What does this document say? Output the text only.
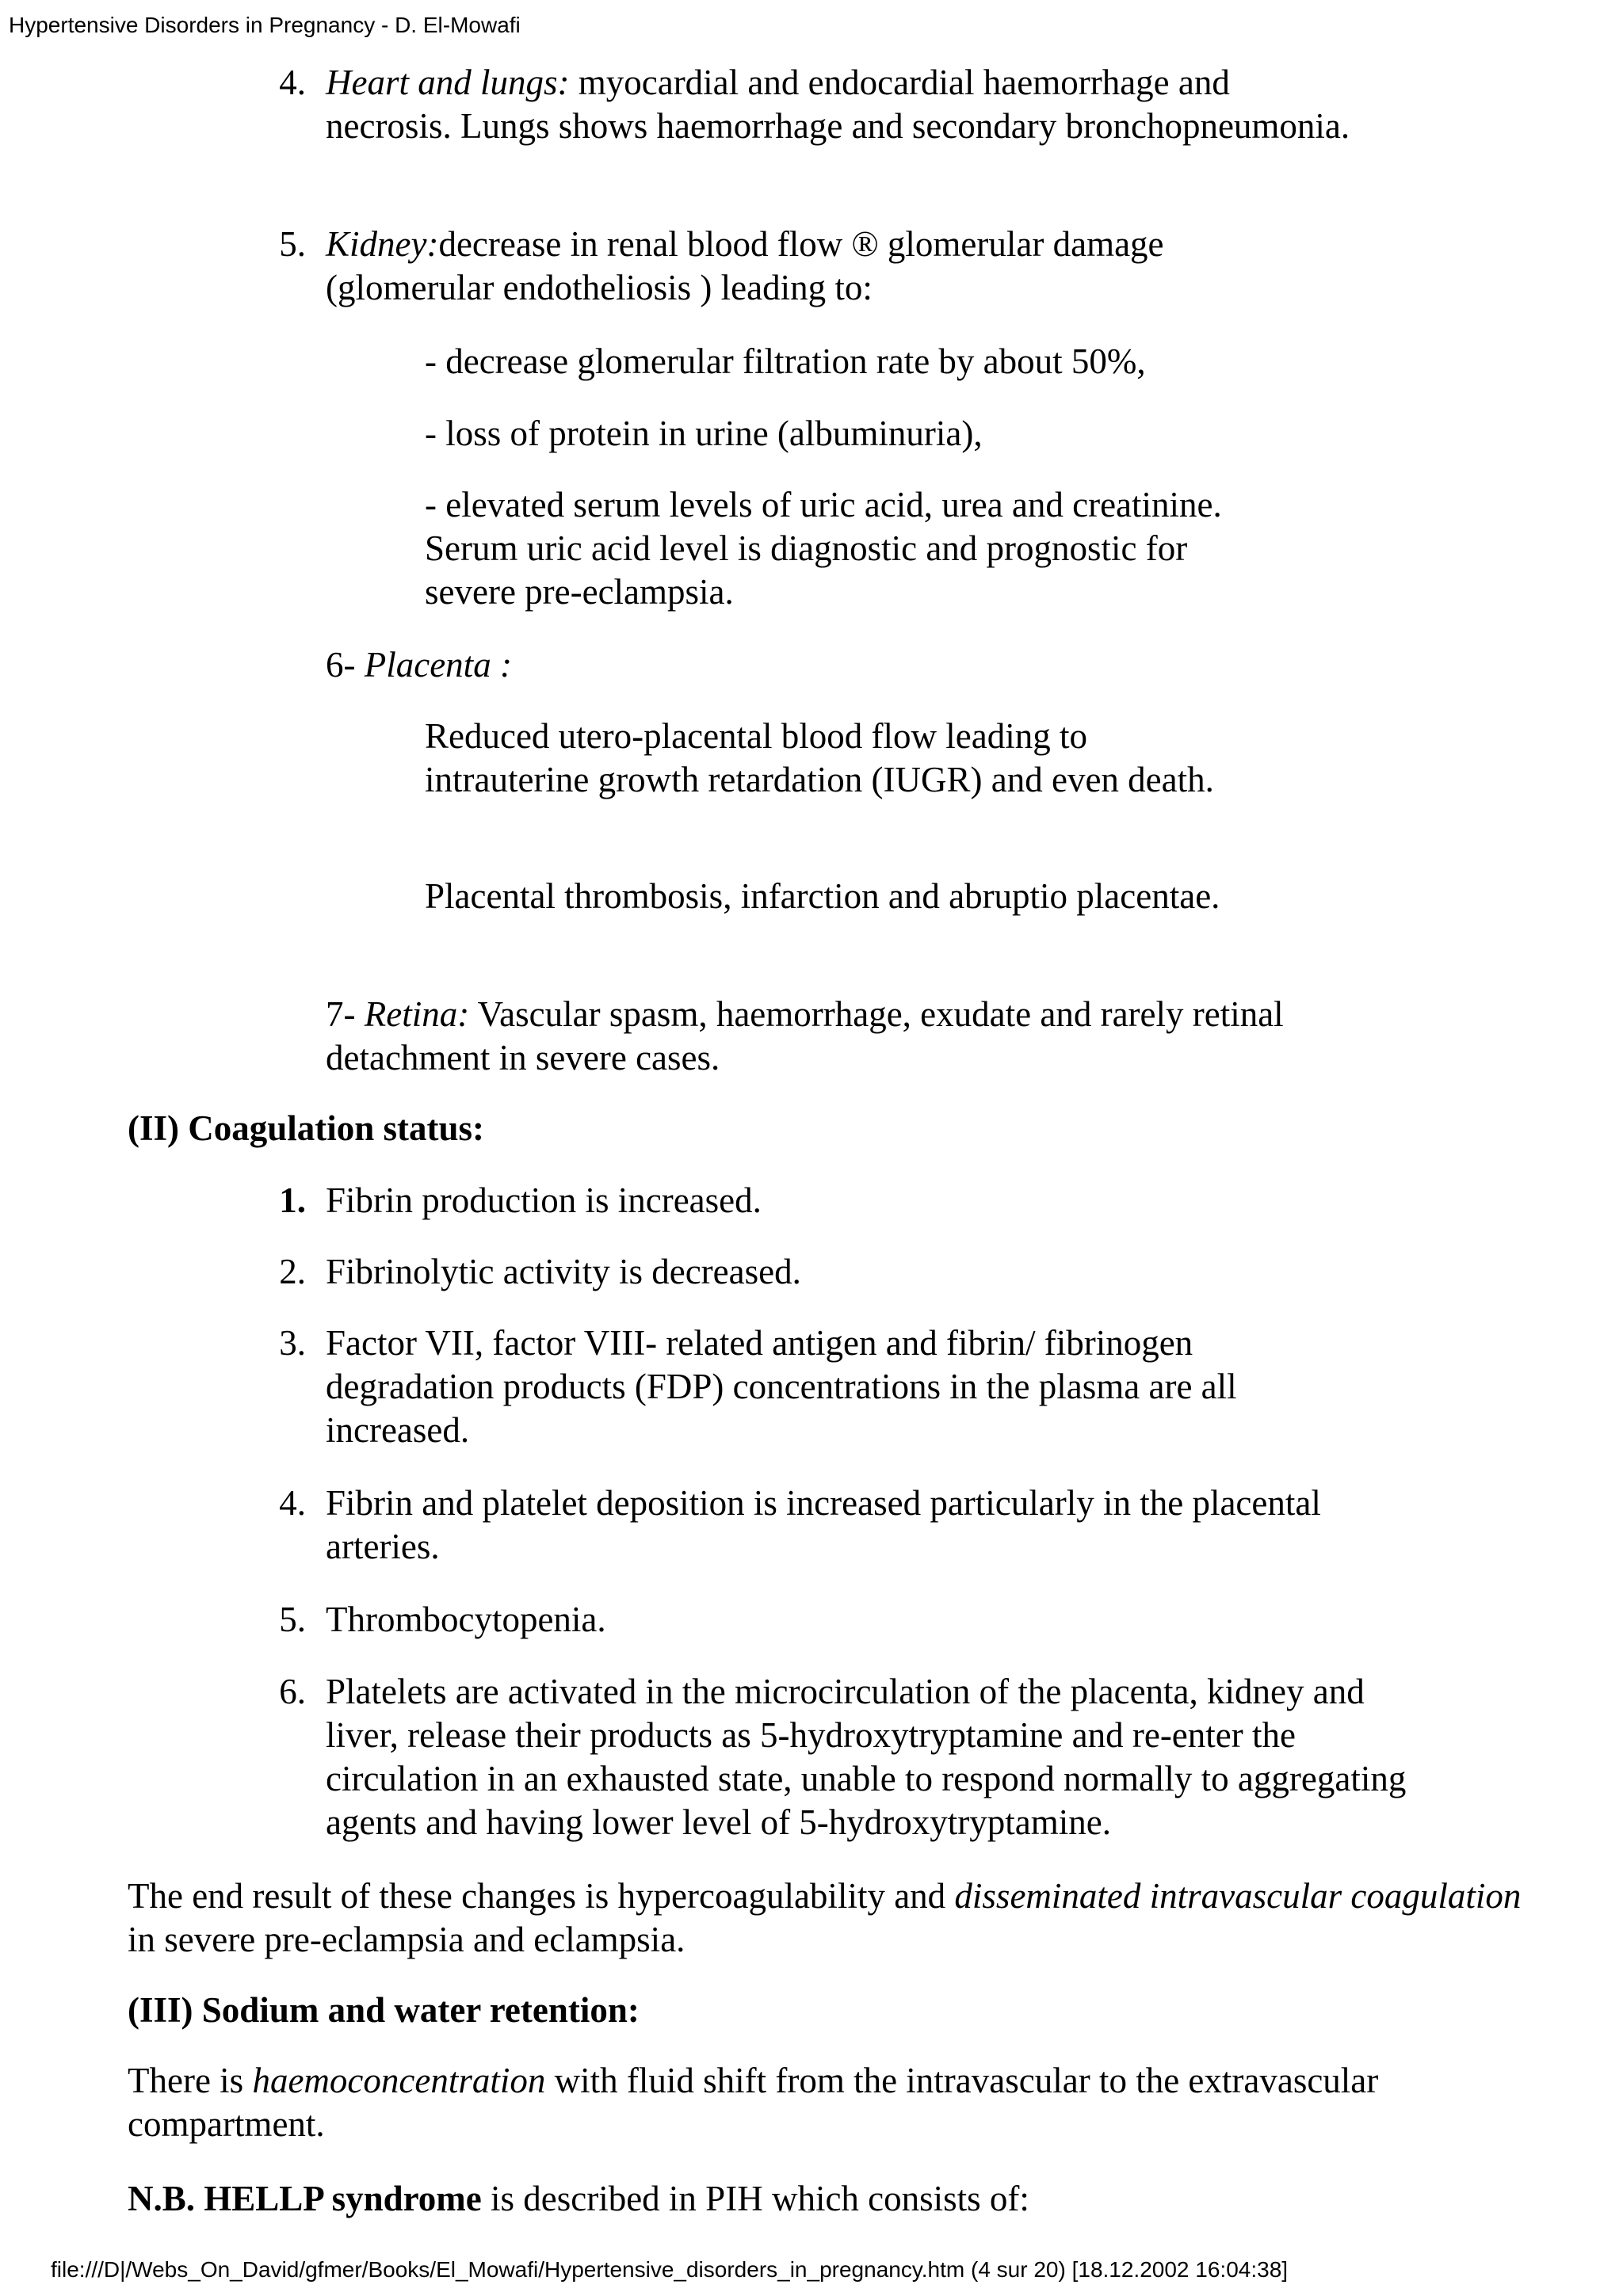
Hypertensive Disorders in Pregnancy - D. El-Mowafi
4. Heart and lungs: myocardial and endocardial haemorrhage and necrosis. Lungs shows haemorrhage and secondary bronchopneumonia.

5. Kidney:decrease in renal blood flow ® glomerular damage (glomerular endotheliosis ) leading to:

- decrease glomerular filtration rate by about 50%,

- loss of protein in urine (albuminuria),

- elevated serum levels of uric acid, urea and creatinine. Serum uric acid level is diagnostic and prognostic for severe pre-eclampsia.

6- Placenta :

Reduced utero-placental blood flow leading to intrauterine growth retardation (IUGR) and even death.

Placental thrombosis, infarction and abruptio placentae.

7- Retina: Vascular spasm, haemorrhage, exudate and rarely retinal detachment in severe cases.

(II) Coagulation status:

1. Fibrin production is increased.

2. Fibrinolytic activity is decreased.

3. Factor VII, factor VIII- related antigen and fibrin/ fibrinogen degradation products (FDP) concentrations in the plasma are all increased.

4. Fibrin and platelet deposition is increased particularly in the placental arteries.

5. Thrombocytopenia.

6. Platelets are activated in the microcirculation of the placenta, kidney and liver, release their products as 5-hydroxytryptamine and re-enter the circulation in an exhausted state, unable to respond normally to aggregating agents and having lower level of 5-hydroxytryptamine.

The end result of these changes is hypercoagulability and disseminated intravascular coagulation in severe pre-eclampsia and eclampsia.

(III) Sodium and water retention:

There is haemoconcentration with fluid shift from the intravascular to the extravascular compartment.

N.B. HELLP syndrome is described in PIH which consists of:

file:///D|/Webs_On_David/gfmer/Books/El_Mowafi/Hypertensive_disorders_in_pregnancy.htm (4 sur 20) [18.12.2002 16:04:38]
